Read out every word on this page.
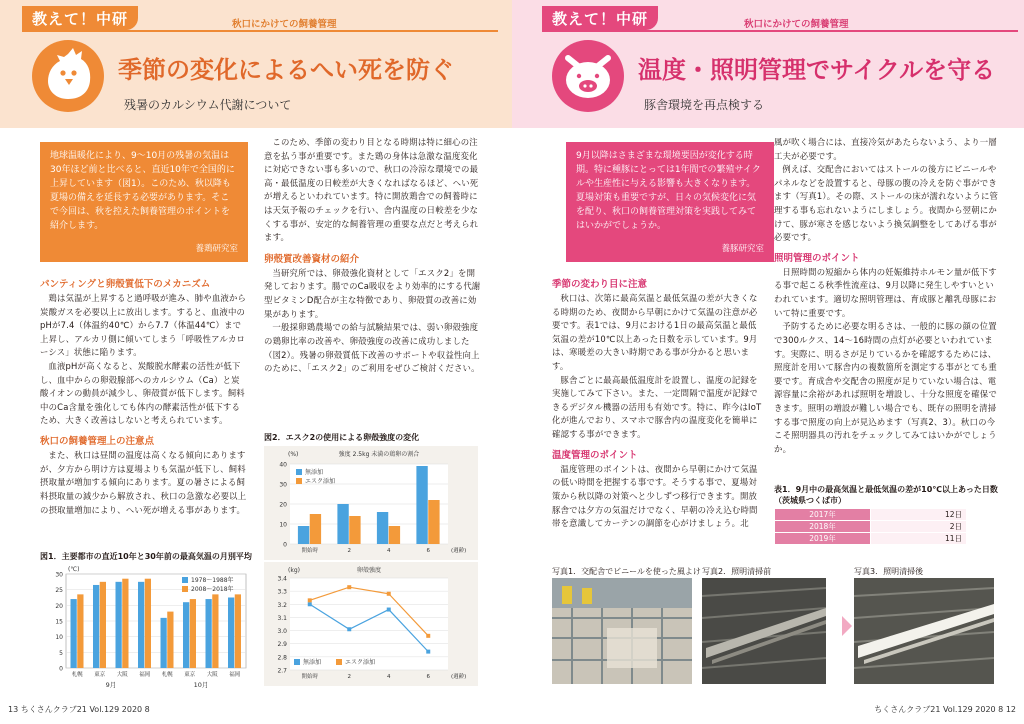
教えて！中研	秋口にかけての飼養管理
季節の変化によるへい死を防ぐ
残暑のカルシウム代謝について
地球温暖化により、9～10月の残暑の気温は30年ほど前と比べると、直近10年で全国的に上昇しています（図1）。このため、秋以降も夏場の備えを延長する必要があります。そこで今回は、秋を控えた飼養管理のポイントを紹介します。
養鶏研究室
パンティングと卵殻質低下のメカニズム

鶏は気温が上昇すると過呼吸が進み、肺や血液から炭酸ガスを必要以上に放出します。すると、血液中のpHが7.4（体温約40℃）から7.7（体温44℃）まで上昇し、アルカリ側に傾いてしまう「呼吸性アルカローシス」状態に陥ります。

血液pHが高くなると、炭酸脱水酵素の活性が低下し、血中からの卵殻腺部へのカルシウム（Ca）と炭酸イオンの動員が減少し、卵殻質が低下します。飼料中のCa含量を強化しても体内の酵素活性が低下するため、大きく改善はしないと考えられています。

秋口の飼養管理上の注意点

また、秋口は昼間の温度は高くなる傾向にありますが、夕方から明け方は夏場よりも気温が低下し、飼料摂取量が増加する傾向にあります。夏の暑さによる飼料摂取量の減少から解放され、秋口の急激な必要以上の摂取量増加により、へい死が増える事があります。

このため、季節の変わり目となる時期は特に細心の注意を払う事が重要です。また鶏の身体は急激な温度変化に対応できない事も多いので、秋口の冷涼な環境での最高・最低温度の日較差が大きくなればなるほど、へい死が増えるといわれています。特に開放鶏舎での飼養時には天気予報のチェックを行い、舎内温度の日較差を少なくする事が、安定的な飼養管理の重要な点だと考えられます。

卵殻質改善資材の紹介

当研究所では、卵殻強化資材として「エスク2」を開発しております。腸でのCa吸収をより効率的にする代謝型ビタミンD配合が主な特徴であり、卵殻質の改善に効果があります。

一般採卵鶏農場での給与試験結果では、弱い卵殻強度の鶏卵比率の改善や、卵殻強度の改善に成功しました（図2）。残暑の卵殻質低下改善のサポートや収益性向上のために、「エスク2」のご利用をぜひご検討ください。

図1．主要都市の直近10年と30年前の最高気温の月別平均
0
5
10
15
20
25
30
(℃)
札幌 東京 大阪 福岡 札幌 東京 大阪 福岡
9月	10月
1978～1988年
2008～2018年
図2．エスク2の使用による卵殻強度の変化
0
10
20
30
40
(%)	強度 2.5kg 未満の鶏卵の割合
開始時	2	4	6	(週齢)
無添加
エスク添加
2.7
2.8
2.9
3.0
3.1
3.2
3.3
3.4
(kg)	卵殻強度
開始時	2	4	6	(週齢)
無添加	エスク添加
13 ちくさんクラブ21 Vol.129 2020 8
教えて！中研	秋口にかけての飼養管理
温度・照明管理でサイクルを守る
豚舎環境を再点検する
9月以降はさまざまな環境要因が変化する時期。特に種豚にとっては1年間での繁殖サイクルや生産性に与える影響も大きくなります。夏場対策も重要ですが、日々の気候変化に気を配り、秋口の飼養管理対策を実践してみてはいかがでしょうか。
養豚研究室
季節の変わり目に注意

秋口は、次第に最高気温と最低気温の差が大きくなる時期のため、夜間から早朝にかけて気温の注意が必要です。表1では、9月における1日の最高気温と最低気温の差が10℃以上あった日数を示しています。9月は、寒暖差の大きい時期である事が分かると思います。

豚舎ごとに最高最低温度計を設置し、温度の記録を実施してみて下さい。また、一定間隔で温度が記録できるデジタル機器の活用も有効です。特に、昨今はIoT化が進んでおり、スマホで豚舎内の温度変化を簡単に確認する事ができます。

温度管理のポイント

温度管理のポイントは、夜間から早朝にかけて気温の低い時間を把握する事です。そうする事で、夏場対策から秋以降の対策へと少しずつ移行できます。開放豚舎では夕方の気温だけでなく、早朝の冷え込む時間帯を意識してカーテンの調節を心がけましょう。北

風が吹く場合には、直接冷気があたらないよう、より一層工夫が必要です。

例えば、交配舎においてはストールの後方にビニールやパネルなどを設置すると、母豚の腹の冷えを防ぐ事ができます（写真1）。その際、ストールの床が濡れないように管理する事も忘れないようにしましょう。夜間から翌朝にかけて、豚が寒さを感じないよう換気調整をしてあげる事が必要です。

照明管理のポイント

日照時間の短縮から体内の妊娠維持ホルモン量が低下する事で起こる秋季性流産は、9月以降に発生しやすいといわれています。適切な照明管理は、育成豚と離乳母豚において特に重要です。

予防するために必要な明るさは、一般的に豚の顔の位置で300ルクス、14～16時間の点灯が必要といわれています。実際に、明るさが足りているかを確認するためには、照度計を用いて豚舎内の複数箇所を測定する事がとても重要です。育成舎や交配舎の照度が足りていない場合は、電源容量に余裕があれば照明を増設し、十分な照度を確保できます。照明の増設が難しい場合でも、既存の照明を清掃する事で照度の向上が見込めます（写真2、3）。秋口の今こそ照明器具の汚れをチェックしてみてはいかがでしょうか。

表1．9月中の最高気温と最低気温の差が10℃以上あった日数（茨城県つくば市）
2017年	12日
2018年	2日
2019年	11日
写真1．交配舎でビニールを使った風よけ 写真2．照明清掃前	写真3．照明清掃後
ちくさんクラブ21 Vol.129 2020 8 12
